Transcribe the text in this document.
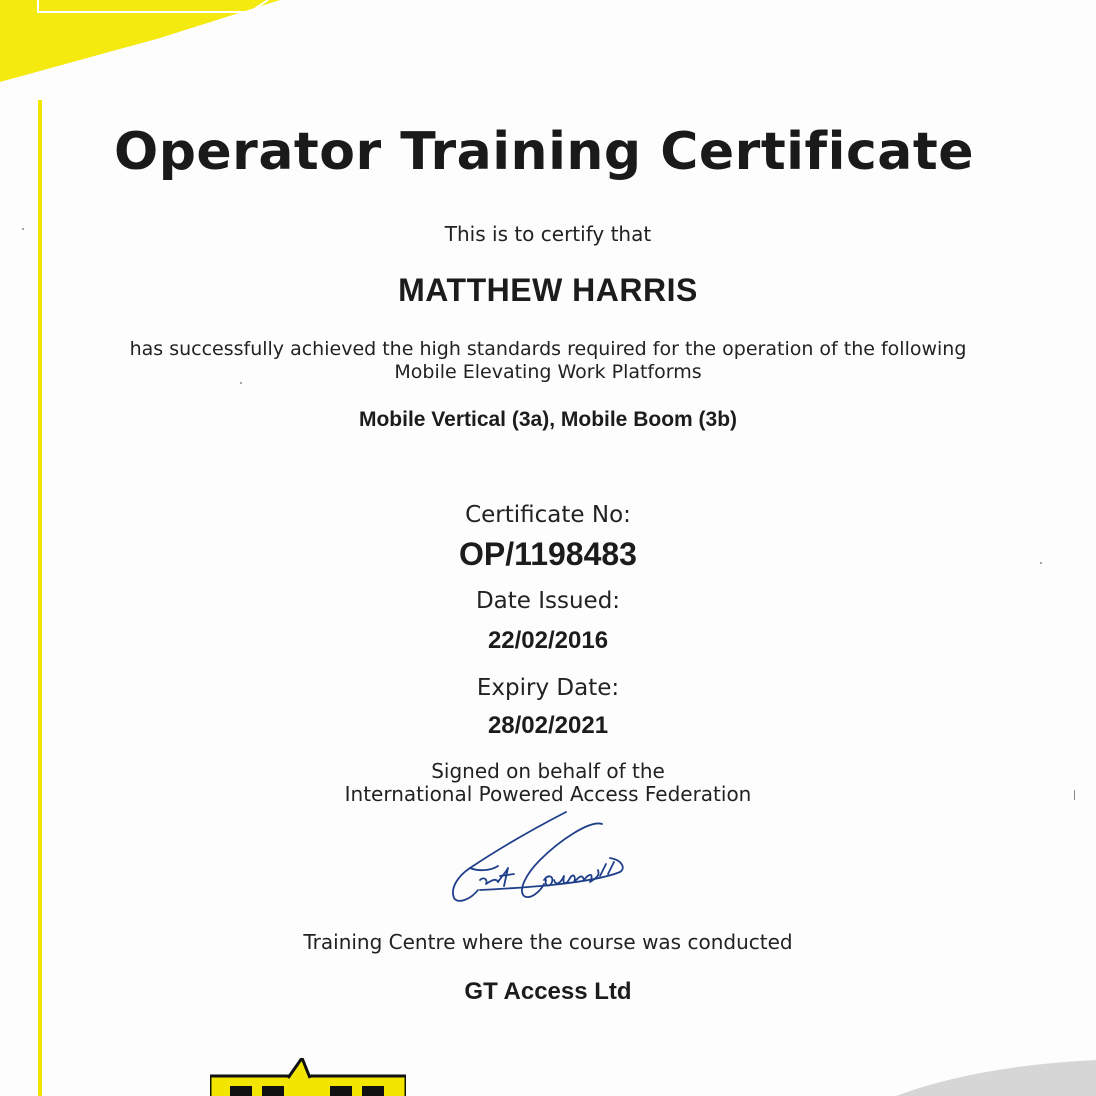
Operator Training Certificate
This is to certify that
MATTHEW HARRIS
has successfully achieved the high standards required for the operation of the following
Mobile Elevating Work Platforms
Mobile Vertical (3a), Mobile Boom (3b)
Certificate No:
OP/1198483
Date Issued:
22/02/2016
Expiry Date:
28/02/2021
Signed on behalf of the
International Powered Access Federation
Training Centre where the course was conducted
GT Access Ltd
